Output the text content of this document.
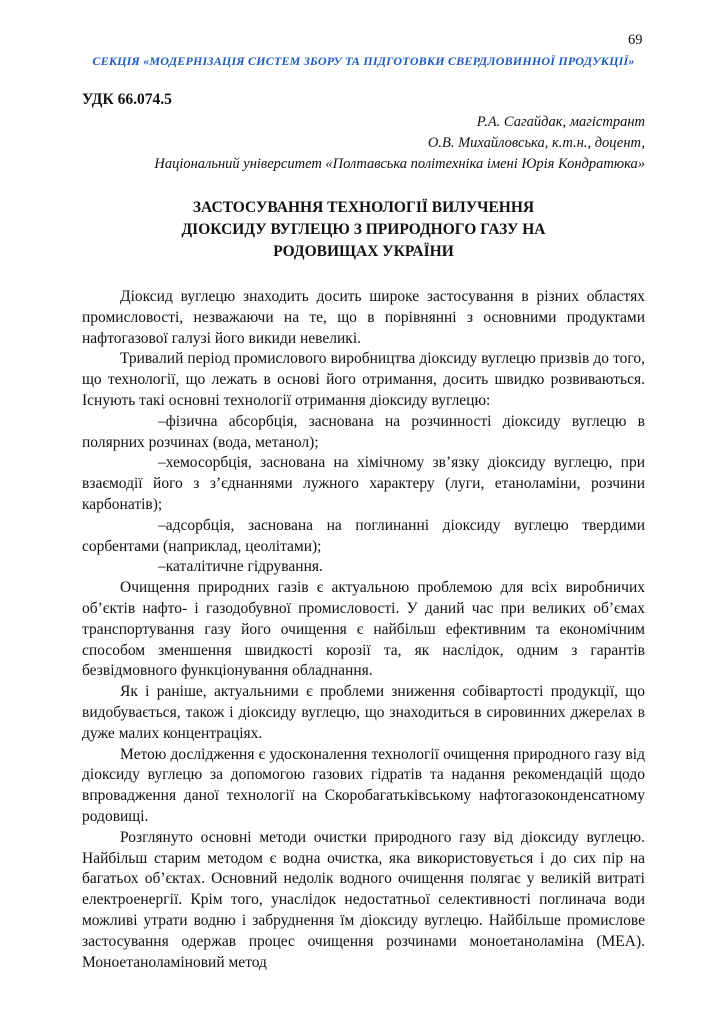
69
СЕКЦІЯ «МОДЕРНІЗАЦІЯ СИСТЕМ ЗБОРУ ТА ПІДГОТОВКИ СВЕРДЛОВИННОЇ ПРОДУКЦІЇ»
УДК 66.074.5
Р.А. Сагайдак, магістрант
О.В. Михайловська, к.т.н., доцент,
Національний університет «Полтавська політехніка імені Юрія Кондратюка»
ЗАСТОСУВАННЯ ТЕХНОЛОГІЇ ВИЛУЧЕННЯ
ДІОКСИДУ ВУГЛЕЦЮ З ПРИРОДНОГО ГАЗУ НА
РОДОВИЩАХ УКРАЇНИ

Діоксид вуглецю знаходить досить широке застосування в різних областях промисловості, незважаючи на те, що в порівнянні з основними продуктами нафтогазової галузі його викиди невеликі.

Тривалий період промислового виробництва діоксиду вуглецю призвів до того, що технології, що лежать в основі його отримання, досить швидко розвиваються. Існують такі основні технології отримання діоксиду вуглецю:

–фізична абсорбція, заснована на розчинності діоксиду вуглецю в полярних розчинах (вода, метанол);

–хемосорбція, заснована на хімічному зв’язку діоксиду вуглецю, при взаємодії його з з’єднаннями лужного характеру (луги, етаноламіни, розчини карбонатів);

–адсорбція, заснована на поглинанні діоксиду вуглецю твердими сорбентами (наприклад, цеолітами);

–каталітичне гідрування.

Очищення природних газів є актуальною проблемою для всіх виробничих об’єктів нафто- і газодобувної промисловості. У даний час при великих об’ємах транспортування газу його очищення є найбільш ефективним та економічним способом зменшення швидкості корозії та, як наслідок, одним з гарантів безвідмовного функціонування обладнання.

Як і раніше, актуальними є проблеми зниження собівартості продукції, що видобувається, також і діоксиду вуглецю, що знаходиться в сировинних джерелах в дуже малих концентраціях.

Метою дослідження є удосконалення технології очищення природного газу від діоксиду вуглецю за допомогою газових гідратів та надання рекомендацій щодо впровадження даної технології на Скоробагатьківському нафтогазоконденсатному родовищі.

Розглянуто основні методи очистки природного газу від діоксиду вуглецю. Найбільш старим методом є водна очистка, яка використовується і до сих пір на багатьох об’єктах. Основний недолік водного очищення полягає у великій витраті електроенергії. Крім того, унаслідок недостатньої селективності поглинача води можливі утрати водню і забруднення їм діоксиду вуглецю. Найбільше промислове застосування одержав процес очищення розчинами моноетаноламіна (МЕА). Моноетаноламіновий метод
